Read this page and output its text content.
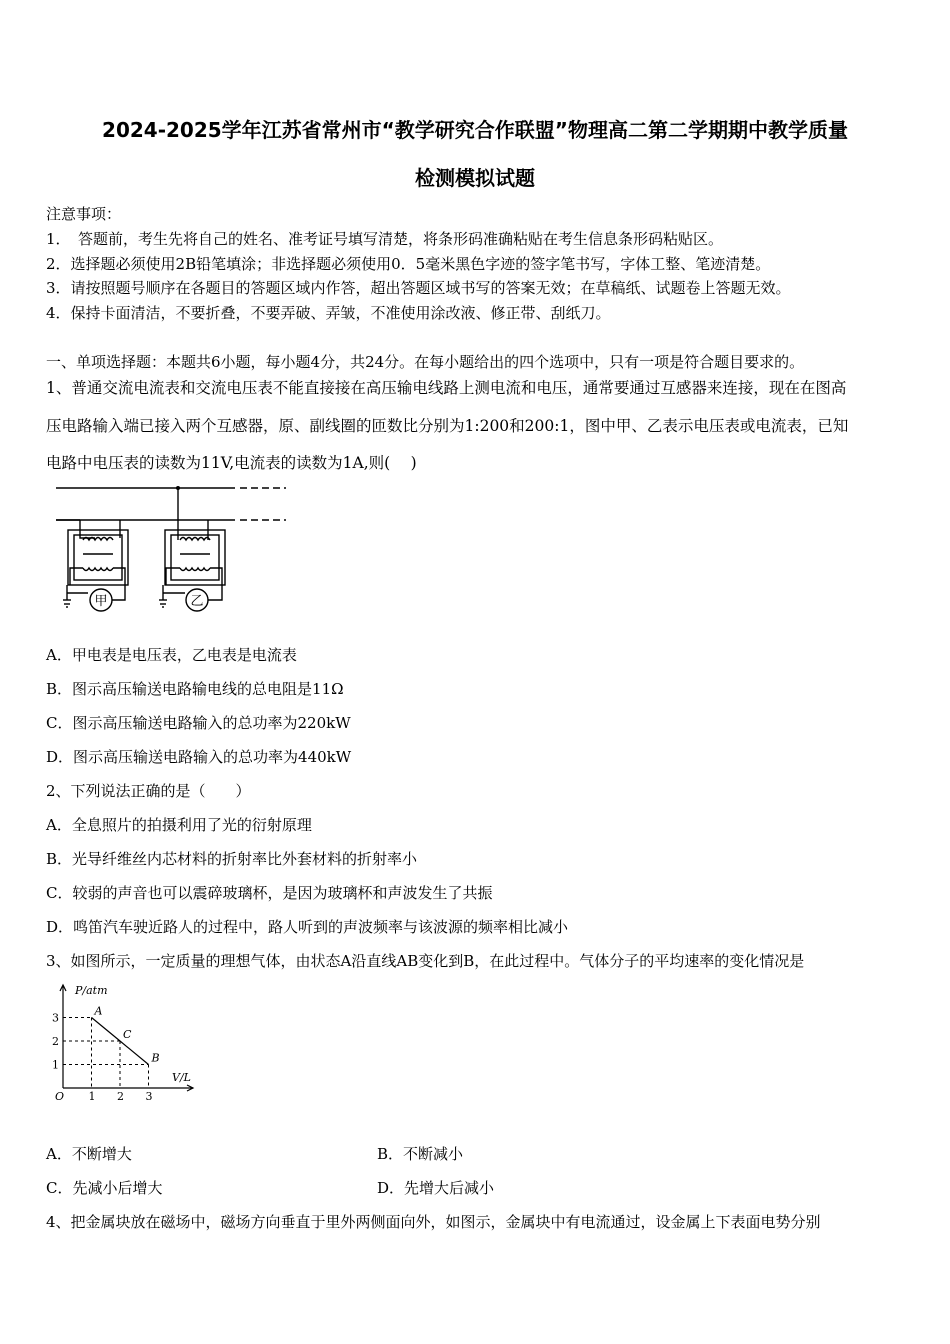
2024-2025学年江苏省常州市“教学研究合作联盟”物理高二第二学期期中教学质量
检测模拟试题
注意事项：
1．　答题前，考生先将自己的姓名、准考证号填写清楚，将条形码准确粘贴在考生信息条形码粘贴区。
2．选择题必须使用2B铅笔填涂；非选择题必须使用0．5毫米黑色字迹的签字笔书写，字体工整、笔迹清楚。
3．请按照题号顺序在各题目的答题区域内作答，超出答题区域书写的答案无效；在草稿纸、试题卷上答题无效。
4．保持卡面清洁，不要折叠，不要弄破、弄皱，不准使用涂改液、修正带、刮纸刀。
一、单项选择题：本题共6小题，每小题4分，共24分。在每小题给出的四个选项中，只有一项是符合题目要求的。
1、普通交流电流表和交流电压表不能直接接在高压输电线路上测电流和电压，通常要通过互感器来连接，现在在图高
压电路输入端已接入两个互感器，原、副线圈的匝数比分别为1:200和200:1，图中甲、乙表示电压表或电流表，已知
电路中电压表的读数为11V,电流表的读数为1A,则(　 )
甲	乙
A．甲电表是电压表，乙电表是电流表
B．图示高压输送电路输电线的总电阻是11Ω
C．图示高压输送电路输入的总功率为220kW
D．图示高压输送电路输入的总功率为440kW
2、下列说法正确的是（　　）
A．全息照片的拍摄利用了光的衍射原理
B．光导纤维丝内芯材料的折射率比外套材料的折射率小
C．较弱的声音也可以震碎玻璃杯，是因为玻璃杯和声波发生了共振
D．鸣笛汽车驶近路人的过程中，路人听到的声波频率与该波源的频率相比减小
3、如图所示，一定质量的理想气体，由状态A沿直线AB变化到B，在此过程中。气体分子的平均速率的变化情况是
1 2 3
1
2
3
A
C
B
P/atm
V/L
O
A．不断增大	B．不断减小
C．先减小后增大	D．先增大后减小
4、把金属块放在磁场中，磁场方向垂直于里外两侧面向外，如图示，金属块中有电流通过，设金属上下表面电势分别
